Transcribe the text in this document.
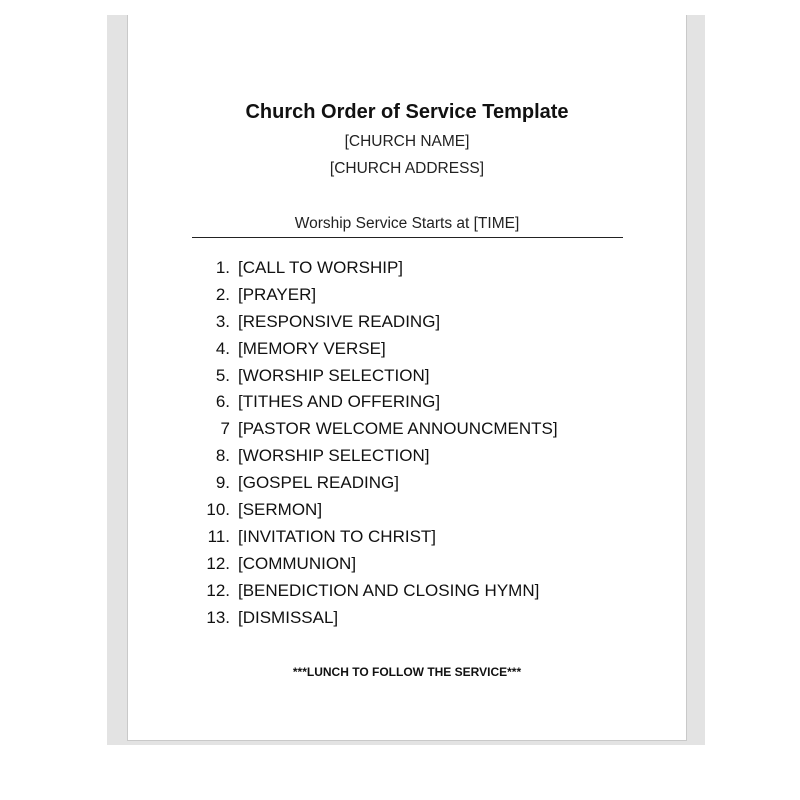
Church Order of Service Template
[CHURCH NAME]
[CHURCH ADDRESS]
Worship Service Starts at [TIME]
1. [CALL TO WORSHIP]
2. [PRAYER]
3. [RESPONSIVE READING]
4. [MEMORY VERSE]
5. [WORSHIP SELECTION]
6. [TITHES AND OFFERING]
7 [PASTOR WELCOME ANNOUNCMENTS]
8. [WORSHIP SELECTION]
9. [GOSPEL READING]
10. [SERMON]
11. [INVITATION TO CHRIST]
12. [COMMUNION]
12. [BENEDICTION AND CLOSING HYMN]
13. [DISMISSAL]
***LUNCH TO FOLLOW THE SERVICE***
